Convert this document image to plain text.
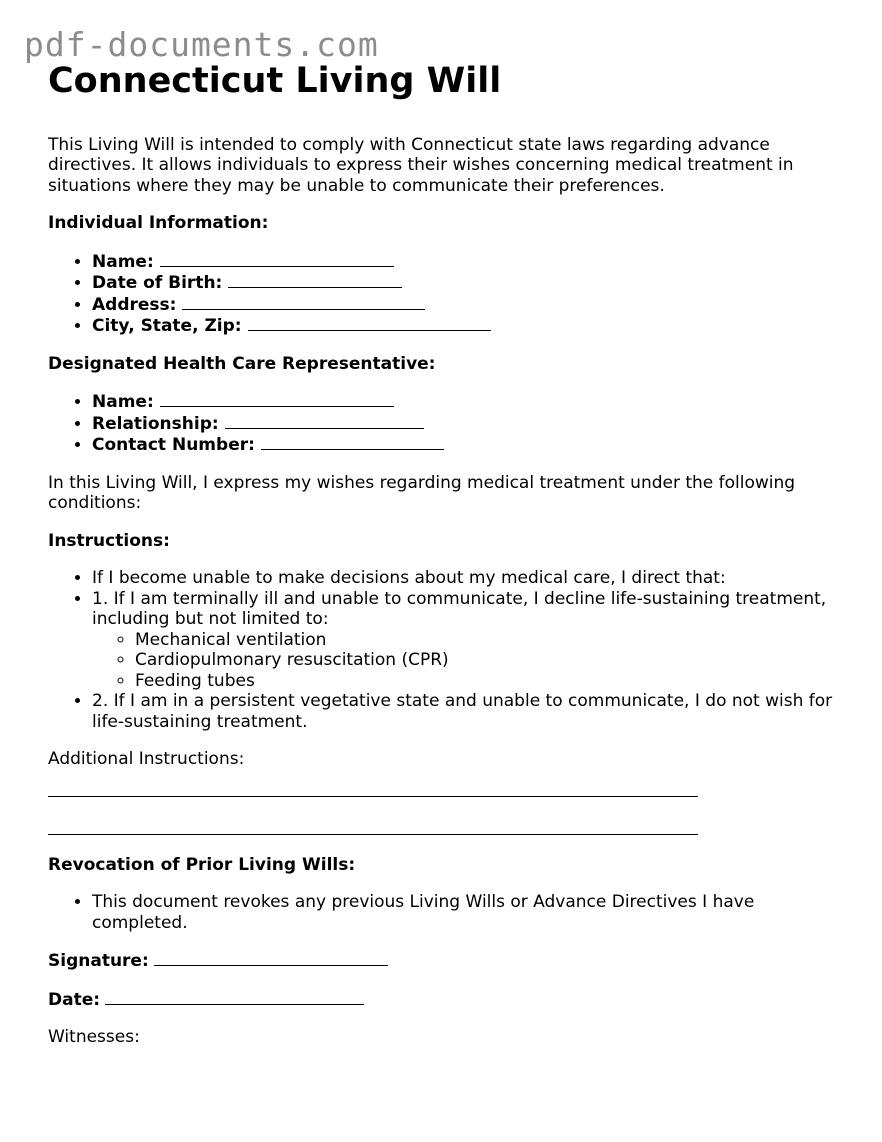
pdf-documents.com
Connecticut Living Will

This Living Will is intended to comply with Connecticut state laws regarding advance directives. It allows individuals to express their wishes concerning medical treatment in situations where they may be unable to communicate their preferences.

Individual Information:

• Name:
• Date of Birth:
• Address:
• City, State, Zip:

Designated Health Care Representative:

• Name:
• Relationship:
• Contact Number:

In this Living Will, I express my wishes regarding medical treatment under the following conditions:

Instructions:

• If I become unable to make decisions about my medical care, I direct that:
• 1. If I am terminally ill and unable to communicate, I decline life-sustaining treatment, including but not limited to:
◦ Mechanical ventilation
◦ Cardiopulmonary resuscitation (CPR)
◦ Feeding tubes
• 2. If I am in a persistent vegetative state and unable to communicate, I do not wish for life-sustaining treatment.

Additional Instructions:

Revocation of Prior Living Wills:

• This document revokes any previous Living Wills or Advance Directives I have completed.

Signature:

Date:

Witnesses:
